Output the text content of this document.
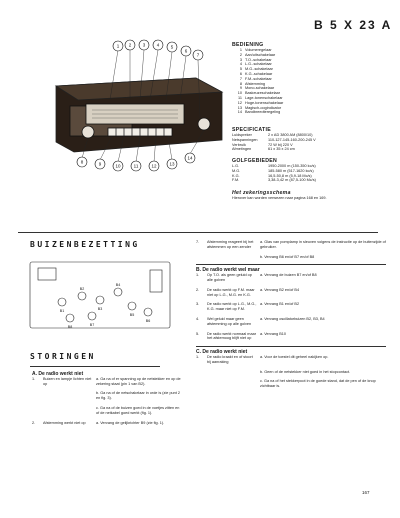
B 5 X 23 A
1 2	3	4	5
6
7
8	9	10	11	12	13
14
BEDIENING
1 Volumeregelaar
2 Aan/uitschakelaar
3 T.O.-schakelaar
4 L.G.-schakelaar
5 M.G.-schakelaar
6 K.G.-schakelaar
7 F.M.-schakelaar
8 Afstemming
9 Mono-schakelaar
10 Baskeuzeschakelaar
11 Lage-tonenschakelaar
12 Hoge-tonenschakelaar
13 Magisch-oogindicator
14 Bandbreedteregeling
SPECIFICATIE
Luidspreker	2 x AD 3800 AM (8800/10)
Netspanningen	110-127-145-160-200-245 V
Verbruik	72 W bij 220 V
Afmetingen	61 x 35 x 24 cm
GOLFGEBIEDEN
L.G.	1950-2000 m (150-350 kc/s)
M.G.	185-580 m (517-1620 kc/s)
K.G.	16,5-50,8 m (5,9-18 Mc/s)
F.M.	3,38-3,42 m (87,5-100 Mc/s)
Het zekeringsschema
Hierover kan worden verwezen naar pagina 168 en 169.
BUIZENBEZETTING
B1
B2
B3
B4
B5
B6
B7
B8
7.	Afstemming reageert bij het afstemmen op een zender
a. Glas van pomplamp in sleuven volgens de instructie op de buitenzijde of gebruiker.
b. Vervang B6 en/of B7 en/of B8
B. De radio werkt wel maar
1.	Op T.O. als geen geluid op alle golven
a. Vervang de buizen B7 en/of B8
2.	De radio werkt op F.M. maar niet op L.G., M.G. en K.G.
a. Vervang B2 en/of B4
3.	De radio werkt op L.G., M.G., K.G. maar niet op F.M.
a. Vervang B1 en/of B2
4.	Wel geluid maar geen afstemming op alle golven
a. Vervang oscillatorbuizen B2, B3, B4
5.	De radio werkt normaal maar het afstemoog blijft niet op
a. Vervang B10
C. De radio werkt niet
1.	De radio kraakt en of stoort bij aanraking
a. Voor de toestel dit geheel nakijken op.
b. Geen of de netstekker niet goed in het stopcontact.
c. Ga na of het stekkerpoot in de goede stand, dat de pen of de knop zichtbaar is.
STORINGEN
A. De radio werkt niet
1.	Buizen en lampje lichten niet op
a. Ga na of er spanning op de netstekker en op de zekering staat (pin 1 van B2).
b. Ga na of de netschakelaar in orde is (zie punt 2 en fig. 3).
c. Ga na of de buizen goed in de voetjes zitten en of de netkabel goed werkt (fig. 1).
2.	Afstemming werkt niet op	a. Vervang de gelijkrichter B9 (zie fig. 1).
167
